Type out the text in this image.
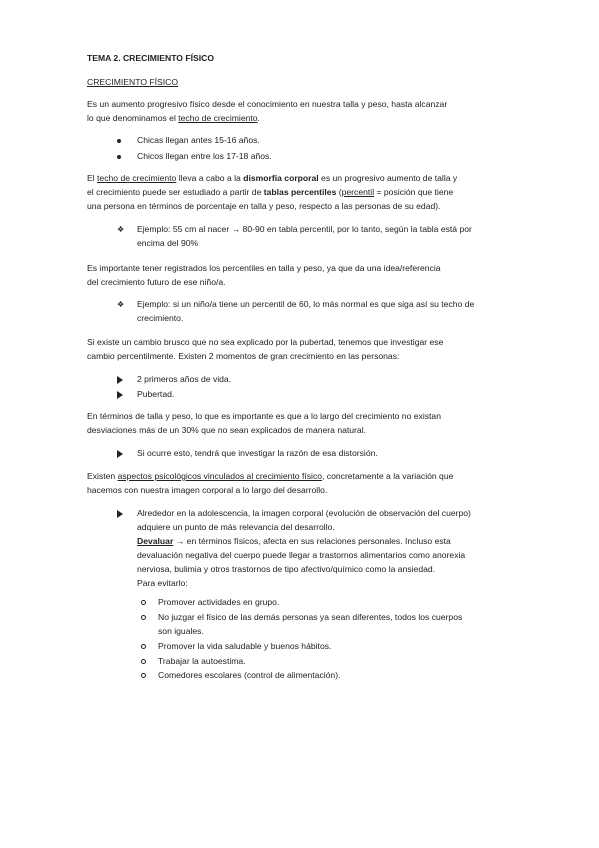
TEMA 2. CRECIMIENTO FÍSICO
CRECIMIENTO FÍSICO
Es un aumento progresivo físico desde el conocimiento en nuestra talla y peso, hasta alcanzar
lo que denominamos el techo de crecimiento.
Chicas llegan antes 15-16 años.
Chicos llegan entre los 17-18 años.
El techo de crecimiento lleva a cabo a la dismorfia corporal es un progresivo aumento de talla y
el crecimiento puede ser estudiado a partir de tablas percentiles (percentil = posición que tiene
una persona en términos de porcentaje en talla y peso, respecto a las personas de su edad).
❖ Ejemplo: 55 cm al nacer → 80-90 en tabla percentil, por lo tanto, según la tabla está por
encima del 90%
Es importante tener registrados los percentiles en talla y peso, ya que da una idea/referencia
del crecimiento futuro de ese niño/a.
❖ Ejemplo: si un niño/a tiene un percentil de 60, lo más normal es que siga así su techo de
crecimiento.
Si existe un cambio brusco que no sea explicado por la pubertad, tenemos que investigar ese
cambio percentilmente. Existen 2 momentos de gran crecimiento en las personas:
2 primeros años de vida.
Pubertad.
En términos de talla y peso, lo que es importante es que a lo largo del crecimiento no existan
desviaciones más de un 30% que no sean explicados de manera natural.
Si ocurre esto, tendrá que investigar la razón de esa distorsión.
Existen aspectos psicológicos vinculados al crecimiento físico, concretamente a la variación que
hacemos con nuestra imagen corporal a lo largo del desarrollo.
Alrededor en la adolescencia, la imagen corporal (evolución de observación del cuerpo)
adquiere un punto de más relevancia del desarrollo.
Devaluar → en términos físicos, afecta en sus relaciones personales. Incluso esta
devaluación negativa del cuerpo puede llegar a trastornos alimentarios como anorexia
nerviosa, bulimia y otros trastornos de tipo afectivo/químico como la ansiedad.
Para evitarlo:
Promover actividades en grupo.
No juzgar el físico de las demás personas ya sean diferentes, todos los cuerpos
son iguales.
Promover la vida saludable y buenos hábitos.
Trabajar la autoestima.
Comedores escolares (control de alimentación).
